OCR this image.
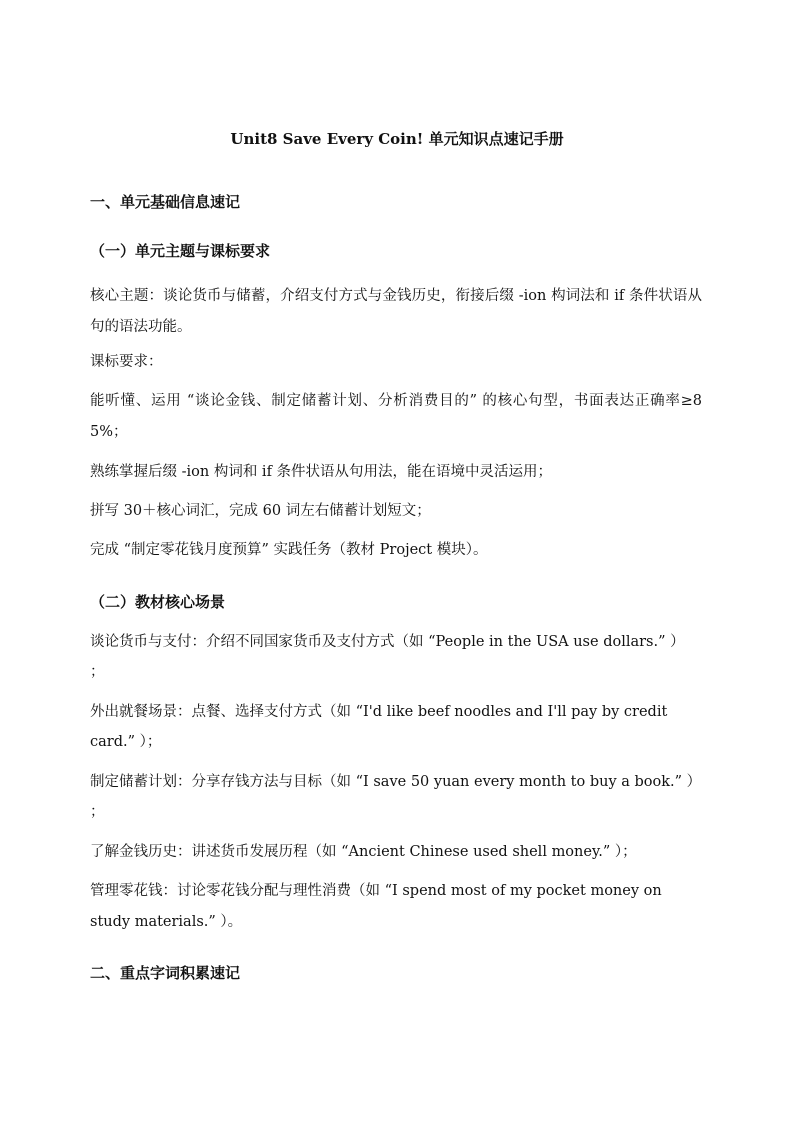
Unit8 Save Every Coin! 单元知识点速记手册
一、单元基础信息速记
（一）单元主题与课标要求
核心主题：谈论货币与储蓄，介绍支付方式与金钱历史，衔接后缀 -ion 构词法和 if 条件状语从句的语法功能。
课标要求：
能听懂、运用 “谈论金钱、制定储蓄计划、分析消费目的” 的核心句型，书面表达正确率≥85%；
熟练掌握后缀 -ion 构词和 if 条件状语从句用法，能在语境中灵活运用；
拼写 30＋核心词汇，完成 60 词左右储蓄计划短文；
完成 “制定零花钱月度预算” 实践任务（教材 Project 模块）。
（二）教材核心场景
谈论货币与支付：介绍不同国家货币及支付方式（如 “People in the USA use dollars.” ）
；
外出就餐场景：点餐、选择支付方式（如 “I'd like beef noodles and I'll pay by credit
card.” ）；
制定储蓄计划：分享存钱方法与目标（如 “I save 50 yuan every month to buy a book.” ）
；
了解金钱历史：讲述货币发展历程（如 “Ancient Chinese used shell money.” ）；
管理零花钱：讨论零花钱分配与理性消费（如 “I spend most of my pocket money on
study materials.” ）。
二、重点字词积累速记
